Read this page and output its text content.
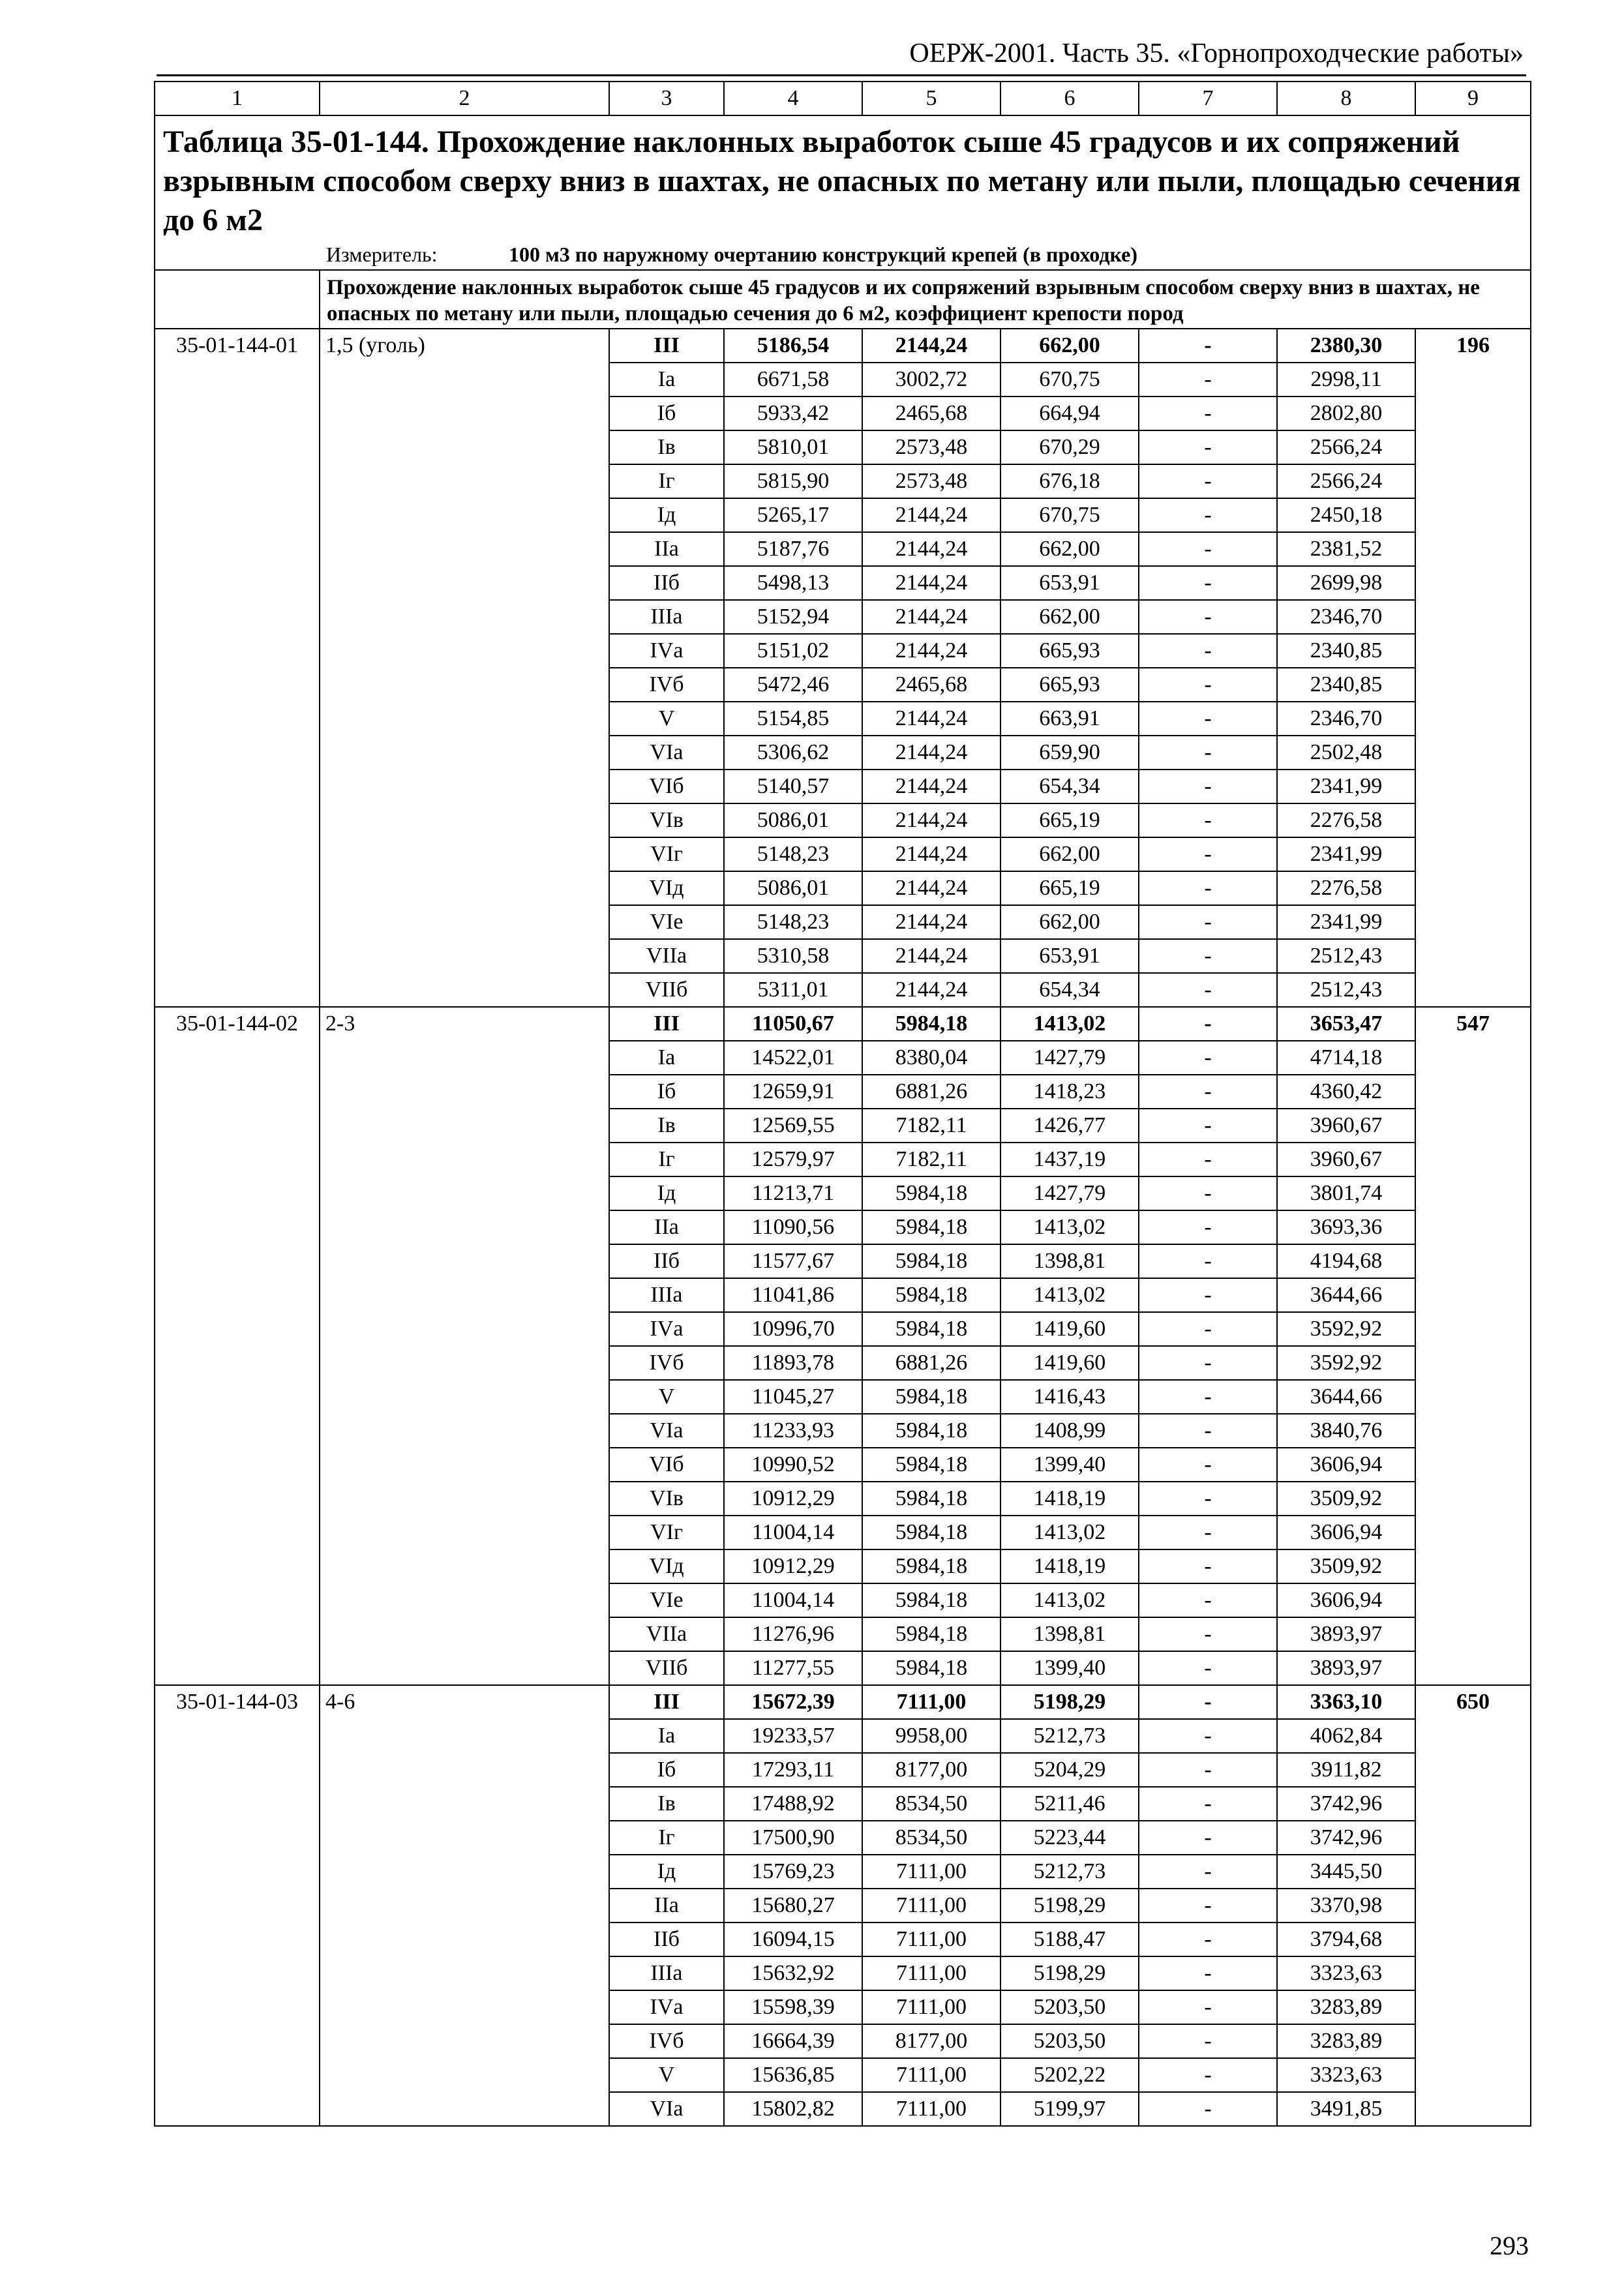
ОЕРЖ-2001. Часть 35. «Горнопроходческие работы»
1	2	3	4	5	6	7	8	9
Таблица 35-01-144. Прохождение наклонных выработок сыше 45 градусов и их сопряжений взрывным способом сверху вниз в шахтах, не опасных по метану или пыли, площадью сечения до 6 м2								
Измеритель: 100 м3 по наружному очертанию конструкций крепей (в проходке)								
	Прохождение наклонных выработок сыше 45 градусов и их сопряжений взрывным способом сверху вниз в шахтах, не опасных по метану или пыли, площадью сечения до 6 м2, коэффициент крепости пород							
35-01-144-01	1,5 (уголь)	III	5186,54	2144,24	662,00	-	2380,30	196
		Iа	6671,58	3002,72	670,75	-	2998,11	
		Iб	5933,42	2465,68	664,94	-	2802,80	
		Iв	5810,01	2573,48	670,29	-	2566,24	
		Iг	5815,90	2573,48	676,18	-	2566,24	
		Iд	5265,17	2144,24	670,75	-	2450,18	
		IIа	5187,76	2144,24	662,00	-	2381,52	
		IIб	5498,13	2144,24	653,91	-	2699,98	
		IIIа	5152,94	2144,24	662,00	-	2346,70	
		IVа	5151,02	2144,24	665,93	-	2340,85	
		IVб	5472,46	2465,68	665,93	-	2340,85	
		V	5154,85	2144,24	663,91	-	2346,70	
		VIа	5306,62	2144,24	659,90	-	2502,48	
		VIб	5140,57	2144,24	654,34	-	2341,99	
		VIв	5086,01	2144,24	665,19	-	2276,58	
		VIг	5148,23	2144,24	662,00	-	2341,99	
		VIд	5086,01	2144,24	665,19	-	2276,58	
		VIе	5148,23	2144,24	662,00	-	2341,99	
		VIIа	5310,58	2144,24	653,91	-	2512,43	
		VIIб	5311,01	2144,24	654,34	-	2512,43	
35-01-144-02	2-3	III	11050,67	5984,18	1413,02	-	3653,47	547
		Iа	14522,01	8380,04	1427,79	-	4714,18	
		Iб	12659,91	6881,26	1418,23	-	4360,42	
		Iв	12569,55	7182,11	1426,77	-	3960,67	
		Iг	12579,97	7182,11	1437,19	-	3960,67	
		Iд	11213,71	5984,18	1427,79	-	3801,74	
		IIа	11090,56	5984,18	1413,02	-	3693,36	
		IIб	11577,67	5984,18	1398,81	-	4194,68	
		IIIа	11041,86	5984,18	1413,02	-	3644,66	
		IVа	10996,70	5984,18	1419,60	-	3592,92	
		IVб	11893,78	6881,26	1419,60	-	3592,92	
		V	11045,27	5984,18	1416,43	-	3644,66	
		VIа	11233,93	5984,18	1408,99	-	3840,76	
		VIб	10990,52	5984,18	1399,40	-	3606,94	
		VIв	10912,29	5984,18	1418,19	-	3509,92	
		VIг	11004,14	5984,18	1413,02	-	3606,94	
		VIд	10912,29	5984,18	1418,19	-	3509,92	
		VIе	11004,14	5984,18	1413,02	-	3606,94	
		VIIа	11276,96	5984,18	1398,81	-	3893,97	
		VIIб	11277,55	5984,18	1399,40	-	3893,97	
35-01-144-03	4-6	III	15672,39	7111,00	5198,29	-	3363,10	650
		Iа	19233,57	9958,00	5212,73	-	4062,84	
		Iб	17293,11	8177,00	5204,29	-	3911,82	
		Iв	17488,92	8534,50	5211,46	-	3742,96	
		Iг	17500,90	8534,50	5223,44	-	3742,96	
		Iд	15769,23	7111,00	5212,73	-	3445,50	
		IIа	15680,27	7111,00	5198,29	-	3370,98	
		IIб	16094,15	7111,00	5188,47	-	3794,68	
		IIIа	15632,92	7111,00	5198,29	-	3323,63	
		IVа	15598,39	7111,00	5203,50	-	3283,89	
		IVб	16664,39	8177,00	5203,50	-	3283,89	
		V	15636,85	7111,00	5202,22	-	3323,63	
		VIа	15802,82	7111,00	5199,97	-	3491,85	
293
